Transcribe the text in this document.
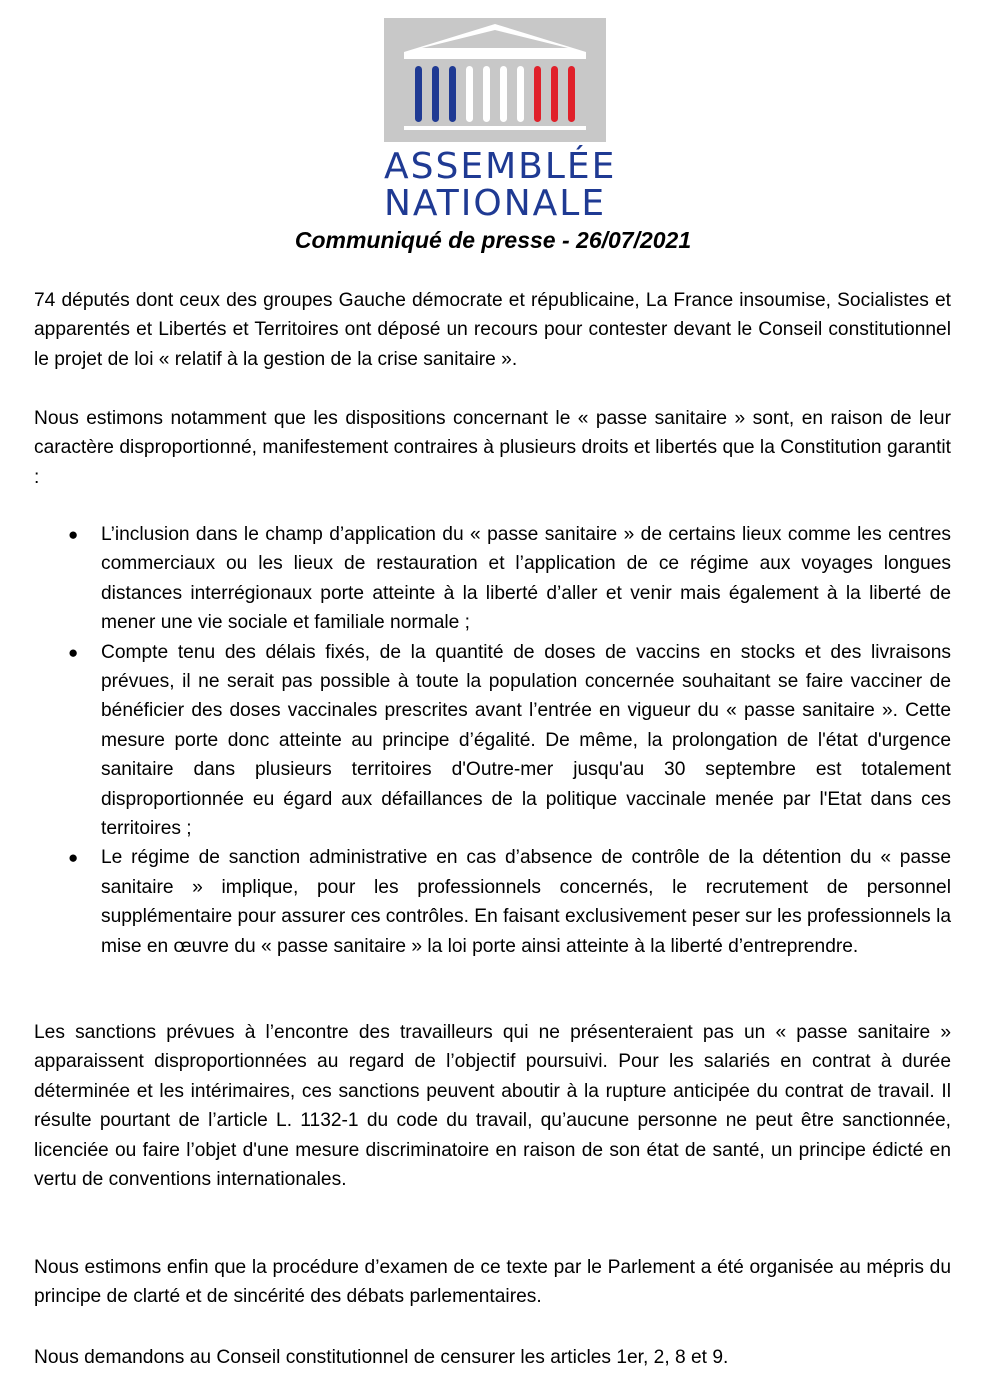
ASSEMBLÉE
NATIONALE
Communiqué de presse - 26/07/2021
74 députés dont ceux des groupes Gauche démocrate et républicaine, La France insoumise, Socialistes et apparentés et Libertés et Territoires ont déposé un recours pour contester devant le Conseil constitutionnel le projet de loi « relatif à la gestion de la crise sanitaire ».
Nous estimons notamment que les dispositions concernant le « passe sanitaire » sont, en raison de leur caractère disproportionné, manifestement contraires à plusieurs droits et libertés que la Constitution garantit :
● L’inclusion dans le champ d’application du « passe sanitaire » de certains lieux comme les centres commerciaux ou les lieux de restauration et l’application de ce régime aux voyages longues distances interrégionaux porte atteinte à la liberté d’aller et venir mais également à la liberté de mener une vie sociale et familiale normale ;
● Compte tenu des délais fixés, de la quantité de doses de vaccins en stocks et des livraisons prévues, il ne serait pas possible à toute la population concernée souhaitant se faire vacciner de bénéficier des doses vaccinales prescrites avant l’entrée en vigueur du « passe sanitaire ». Cette mesure porte donc atteinte au principe d’égalité. De même, la prolongation de l'état d'urgence sanitaire dans plusieurs territoires d'Outre-mer jusqu'au 30 septembre est totalement disproportionnée eu égard aux défaillances de la politique vaccinale menée par l'Etat dans ces territoires ;
● Le régime de sanction administrative en cas d’absence de contrôle de la détention du « passe sanitaire » implique, pour les professionnels concernés, le recrutement de personnel supplémentaire pour assurer ces contrôles. En faisant exclusivement peser sur les professionnels la mise en œuvre du « passe sanitaire » la loi porte ainsi atteinte à la liberté d’entreprendre.
Les sanctions prévues à l’encontre des travailleurs qui ne présenteraient pas un « passe sanitaire » apparaissent disproportionnées au regard de l’objectif poursuivi. Pour les salariés en contrat à durée déterminée et les intérimaires, ces sanctions peuvent aboutir à la rupture anticipée du contrat de travail. Il résulte pourtant de l’article L. 1132-1 du code du travail, qu’aucune personne ne peut être sanctionnée, licenciée ou faire l’objet d'une mesure discriminatoire en raison de son état de santé, un principe édicté en vertu de conventions internationales.
Nous estimons enfin que la procédure d’examen de ce texte par le Parlement a été organisée au mépris du principe de clarté et de sincérité des débats parlementaires.
Nous demandons au Conseil constitutionnel de censurer les articles 1er, 2, 8 et 9.
